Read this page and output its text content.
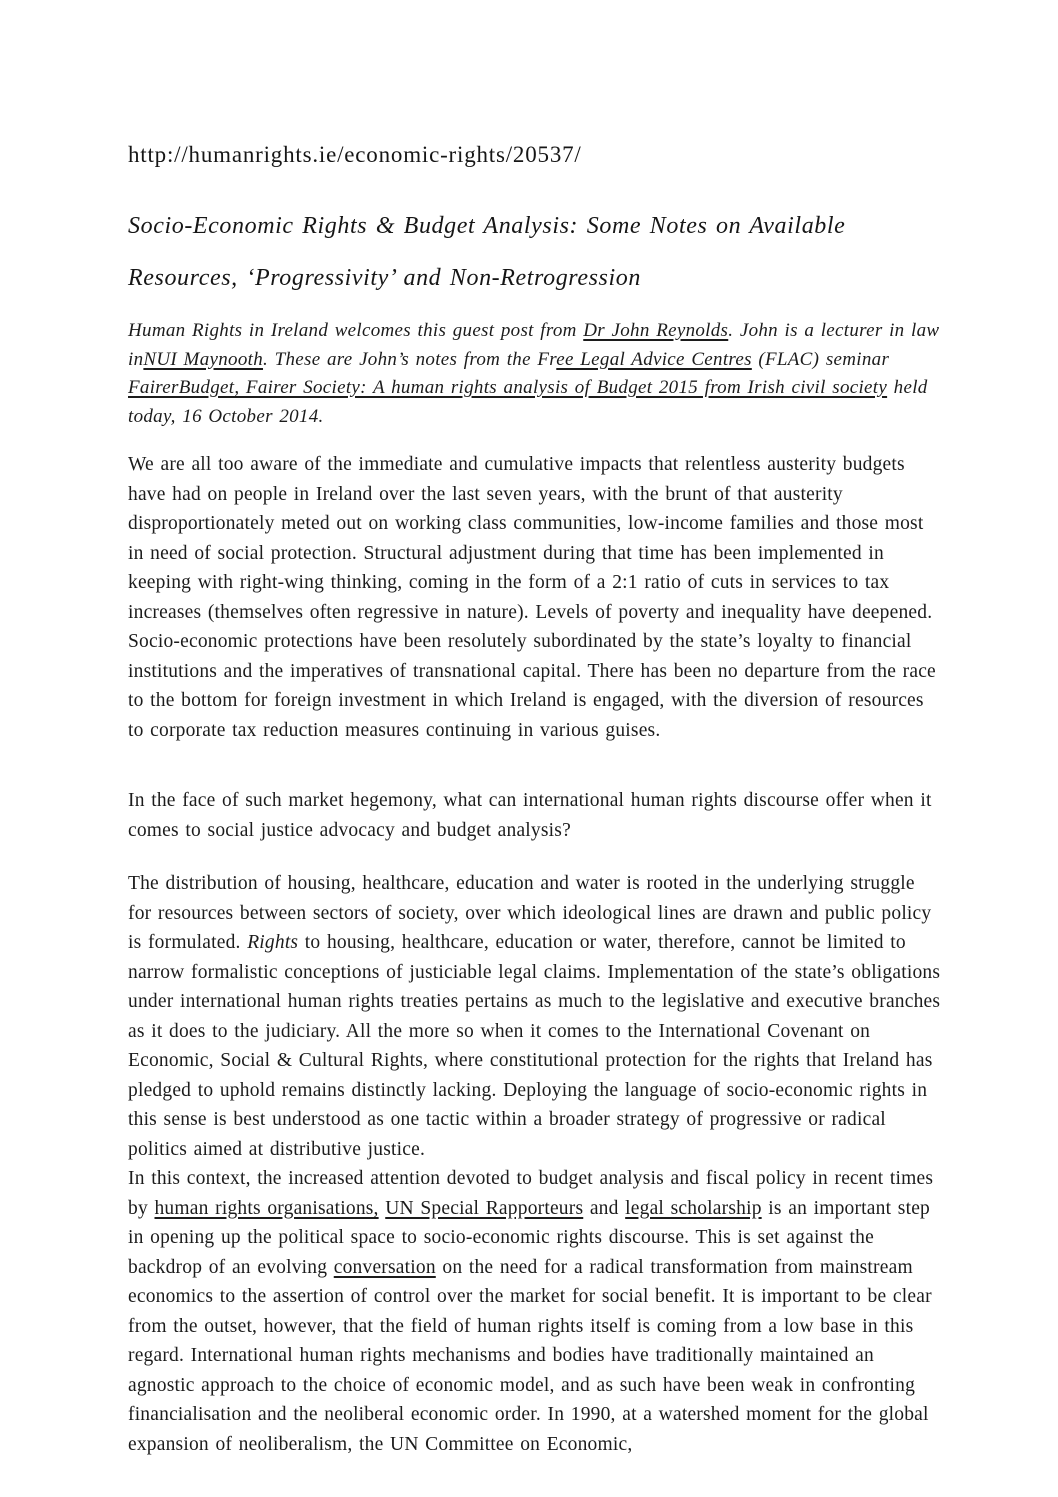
http://humanrights.ie/economic-rights/20537/
Socio-Economic Rights & Budget Analysis: Some Notes on Available
Resources, ‘Progressivity’ and Non-Retrogression

Human Rights in Ireland welcomes this guest post from Dr John Reynolds. John is a lecturer in law inNUI Maynooth. These are John’s notes from the Free Legal Advice Centres (FLAC) seminar FairerBudget, Fairer Society: A human rights analysis of Budget 2015 from Irish civil society held today, 16 October 2014.

We are all too aware of the immediate and cumulative impacts that relentless austerity budgets have had on people in Ireland over the last seven years, with the brunt of that austerity disproportionately meted out on working class communities, low-income families and those most in need of social protection. Structural adjustment during that time has been implemented in keeping with right-wing thinking, coming in the form of a 2:1 ratio of cuts in services to tax increases (themselves often regressive in nature). Levels of poverty and inequality have deepened. Socio-economic protections have been resolutely subordinated by the state’s loyalty to financial institutions and the imperatives of transnational capital. There has been no departure from the race to the bottom for foreign investment in which Ireland is engaged, with the diversion of resources to corporate tax reduction measures continuing in various guises.

In the face of such market hegemony, what can international human rights discourse offer when it comes to social justice advocacy and budget analysis?

The distribution of housing, healthcare, education and water is rooted in the underlying struggle for resources between sectors of society, over which ideological lines are drawn and public policy is formulated. Rights to housing, healthcare, education or water, therefore, cannot be limited to narrow formalistic conceptions of justiciable legal claims. Implementation of the state’s obligations under international human rights treaties pertains as much to the legislative and executive branches as it does to the judiciary. All the more so when it comes to the International Covenant on Economic, Social & Cultural Rights, where constitutional protection for the rights that Ireland has pledged to uphold remains distinctly lacking. Deploying the language of socio-economic rights in this sense is best understood as one tactic within a broader strategy of progressive or radical politics aimed at distributive justice.

In this context, the increased attention devoted to budget analysis and fiscal policy in recent times by human rights organisations, UN Special Rapporteurs and legal scholarship is an important step in opening up the political space to socio-economic rights discourse. This is set against the backdrop of an evolving conversation on the need for a radical transformation from mainstream economics to the assertion of control over the market for social benefit. It is important to be clear from the outset, however, that the field of human rights itself is coming from a low base in this regard. International human rights mechanisms and bodies have traditionally maintained an agnostic approach to the choice of economic model, and as such have been weak in confronting financialisation and the neoliberal economic order. In 1990, at a watershed moment for the global expansion of neoliberalism, the UN Committee on Economic,
